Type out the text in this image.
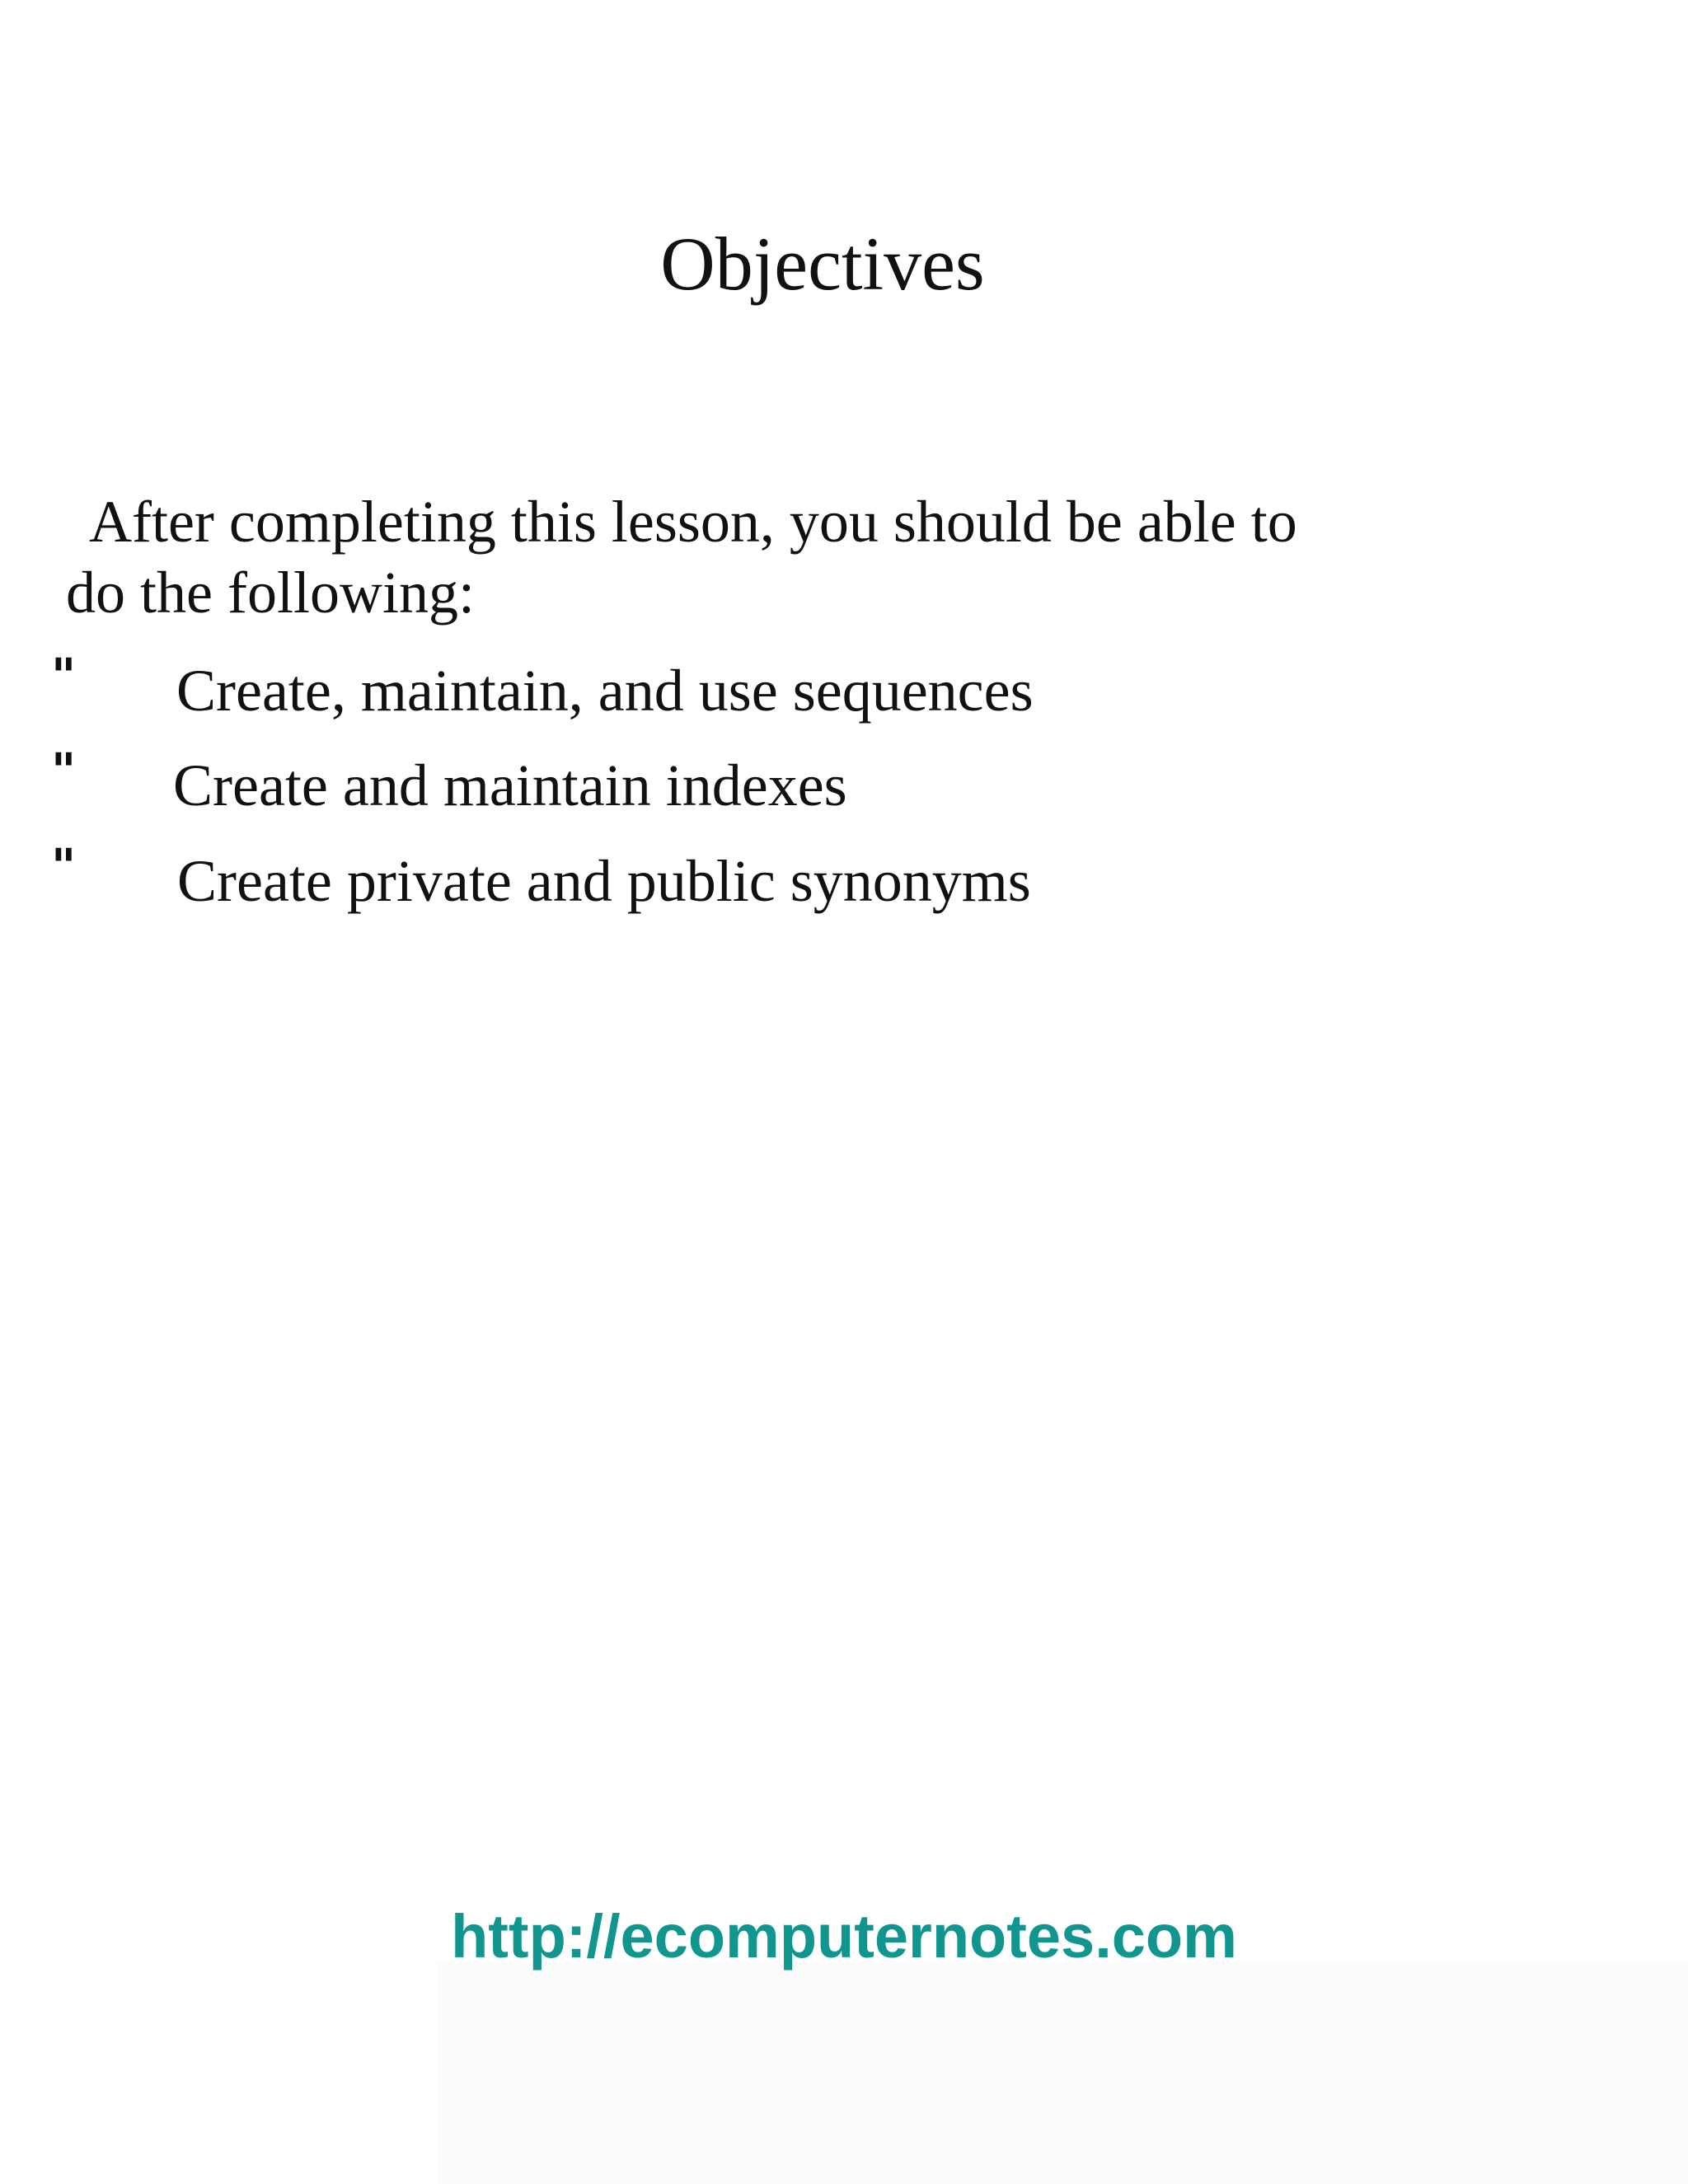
Objectives
After completing this lesson, you should be able to
do the following:
" Create, maintain, and use sequences
" Create and maintain indexes
" Create private and public synonyms
http://ecomputernotes.com
